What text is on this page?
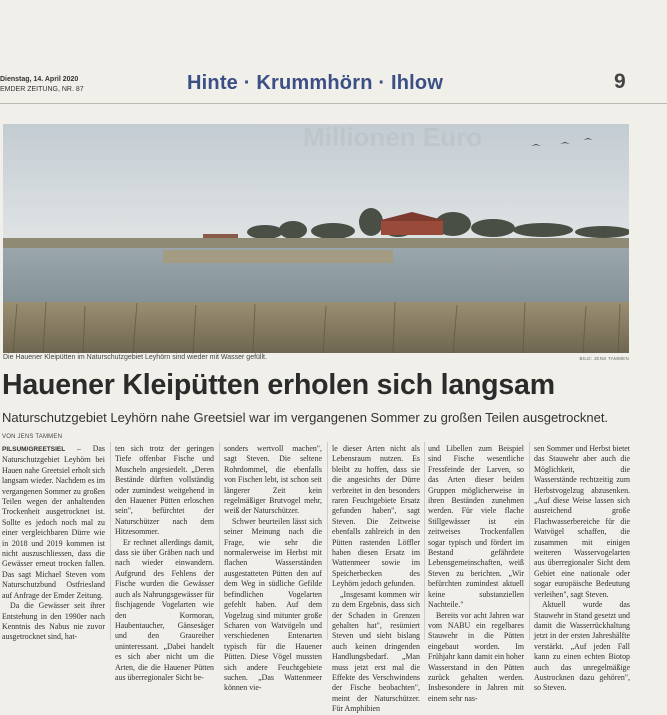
Dienstag, 14. April 2020
EMDER ZEITUNG, NR. 87	Hinte · Krummhörn · Ihlow	9
Millionen Euro
Die Hauener Kleipütten im Naturschutzgebiet Leyhörn sind wieder mit Wasser gefüllt.	BILD: JENS TAMMEN
Hauener Kleipütten erholen sich langsam
Naturschutzgebiet Leyhörn nahe Greetsiel war im vergangenen Sommer zu großen Teilen ausgetrocknet.
VON JENS TAMMEN

PILSUM/GREETSIEL – Das Naturschutzgebiet Leyhörn bei Hauen nahe Greetsiel erholt sich langsam wieder. Nachdem es im vergangenen Sommer zu großen Teilen wegen der anhaltenden Trockenheit ausgetrocknet ist. Sollte es jedoch noch mal zu einer vergleichbaren Dürre wie in 2018 und 2019 kommen ist nicht auszuschliessen, dass die Gewässer erneut trocken fallen. Das sagt Michael Steven vom Naturschutzbund Ostfriesland auf Anfrage der Emder Zeitung.

Da die Gewässer seit ihrer Entstehung in den 1990er nach Kenntnis des Nabus nie zuvor ausgetrocknet sind, hat-

ten sich trotz der geringen Tiefe offenbar Fische und Muscheln angesiedelt. „Deren Bestände dürften vollständig oder zumindest weitgehend in den Hauener Pütten erloschen sein", befürchtet der Naturschützer nach dem Hitzesommer.

Er rechnet allerdings damit, dass sie über Gräben nach und nach wieder einwandern. Aufgrund des Fehlens der Fische wurden die Gewässer auch als Nahrungsgewässer für fischjagende Vogelarten wie den Kormoran, Haubentaucher, Gänsesäger und den Graureiher uninteressant. „Dabei handelt es sich aber nicht um die Arten, die die Hauener Pütten aus überregionaler Sicht be-

sonders wertvoll machen", sagt Steven. Die seltene Rohrdommel, die ebenfalls von Fischen lebt, ist schon seit längerer Zeit kein regelmäßiger Brutvogel mehr, weiß der Naturschützer.

Schwer beurteilen lässt sich seiner Meinung nach die Frage, wie sehr die normalerweise im Herbst mit flachen Wasserständen ausgestatteten Pütten den auf dem Weg in südliche Gefilde befindlichen Vogelarten gefehlt haben. Auf dem Vogelzug sind mitunter große Scharen von Watvögeln und verschiedenen Entenarten typisch für die Hauener Pütten. Diese Vögel mussten sich andere Feuchtgebiete suchen. „Das Wattenmeer können vie-

le dieser Arten nicht als Lebensraum nutzen. Es bleibt zu hoffen, dass sie die angesichts der Dürre verbreitet in den besonders raren Feuchtgebiete Ersatz gefunden haben", sagt Steven. Die Zeitweise ebenfalls zahlreich in den Pütten rastenden Löffler haben diesen Ersatz im Wattenmeer sowie im Speicherbecken des Leyhörn jedoch gefunden.

„Insgesamt kommen wir zu dem Ergebnis, dass sich der Schaden in Grenzen gehalten hat", resümiert Steven und sieht bislang auch keinen dringenden Handlungsbedarf. „Man muss jetzt erst mal die Effekte des Verschwindens der Fische beobachten", meint der Naturschützer. Für Amphibien

und Libellen zum Beispiel sind Fische wesentliche Fressfeinde der Larven, so das Arten dieser beiden Gruppen möglicherweise in ihren Beständen zunehmen werden. Für viele flache Stillgewässer ist ein zeitweises Trockenfallen sogar typisch und fördert im Bestand gefährdete Lebensgemeinschaften, weiß Steven zu berichten. „Wir befürchten zumindest aktuell keine substanziellen Nachteile."

Bereits vor acht Jahren war vom NABU ein regelbares Stauwehr in die Pütten eingebaut worden. Im Frühjahr kann damit ein hoher Wasserstand in den Pütten zurück gehalten werden. Insbesondere in Jahren mit einem sehr nas-

sen Sommer und Herbst bietet das Stauwehr aber auch die Möglichkeit, die Wasserstände rechtzeitig zum Herbstvogelzug abzusenken. „Auf diese Weise lassen sich ausreichend große Flachwasserbereiche für die Watvögel schaffen, die zusammen mit einigen weiteren Wasservogelarten aus überregionaler Sicht dem Gebiet eine nationale oder sogar europäische Bedeutung verleihen", sagt Steven.

Aktuell wurde das Stauwehr in Stand gesetzt und damit die Wasserrückhaltung jetzt in der ersten Jahreshälfte verstärkt. „Auf jeden Fall kann zu einen echten Biotop auch das unregelmäßige Austrocknen dazu gehören", so Steven.
